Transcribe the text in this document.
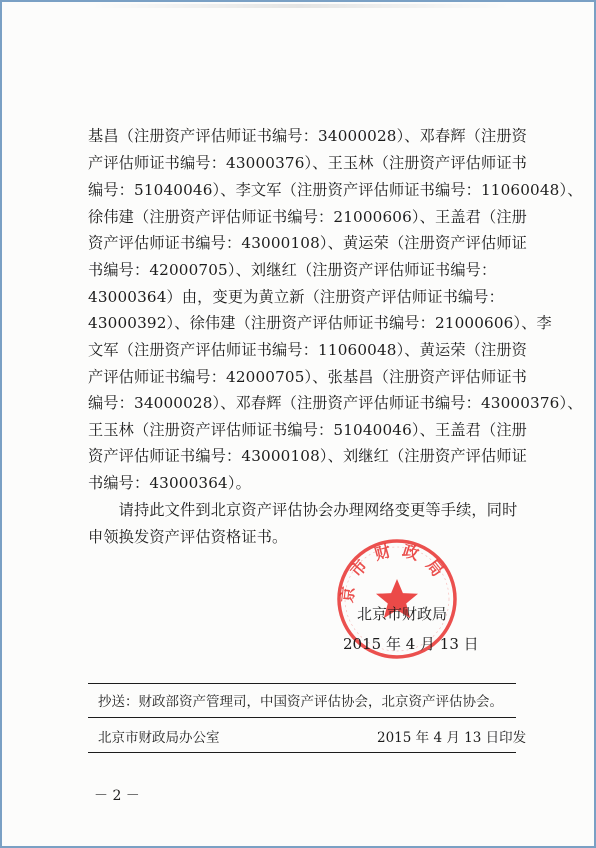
基昌（注册资产评估师证书编号：34000028）、邓春辉（注册资
产评估师证书编号：43000376）、王玉林（注册资产评估师证书
编号：51040046）、李文军（注册资产评估师证书编号：11060048）、
徐伟建（注册资产评估师证书编号：21000606）、王盖君（注册
资产评估师证书编号：43000108）、黄运荣（注册资产评估师证
书编号：42000705）、刘继红（注册资产评估师证书编号：
43000364）由，变更为黄立新（注册资产评估师证书编号：
43000392）、徐伟建（注册资产评估师证书编号：21000606）、李
文军（注册资产评估师证书编号：11060048）、黄运荣（注册资
产评估师证书编号：42000705）、张基昌（注册资产评估师证书
编号：34000028）、邓春辉（注册资产评估师证书编号：43000376）、
王玉林（注册资产评估师证书编号：51040046）、王盖君（注册
资产评估师证书编号：43000108）、刘继红（注册资产评估师证
书编号：43000364）。
　　请持此文件到北京资产评估协会办理网络变更等手续，同时
申领换发资产评估资格证书。
京 市 财 政 局
北京市财政局
2015 年 4 月 13 日
抄送：财政部资产管理司，中国资产评估协会，北京资产评估协会。
北京市财政局办公室	2015 年 4 月 13 日印发
－ 2 －
